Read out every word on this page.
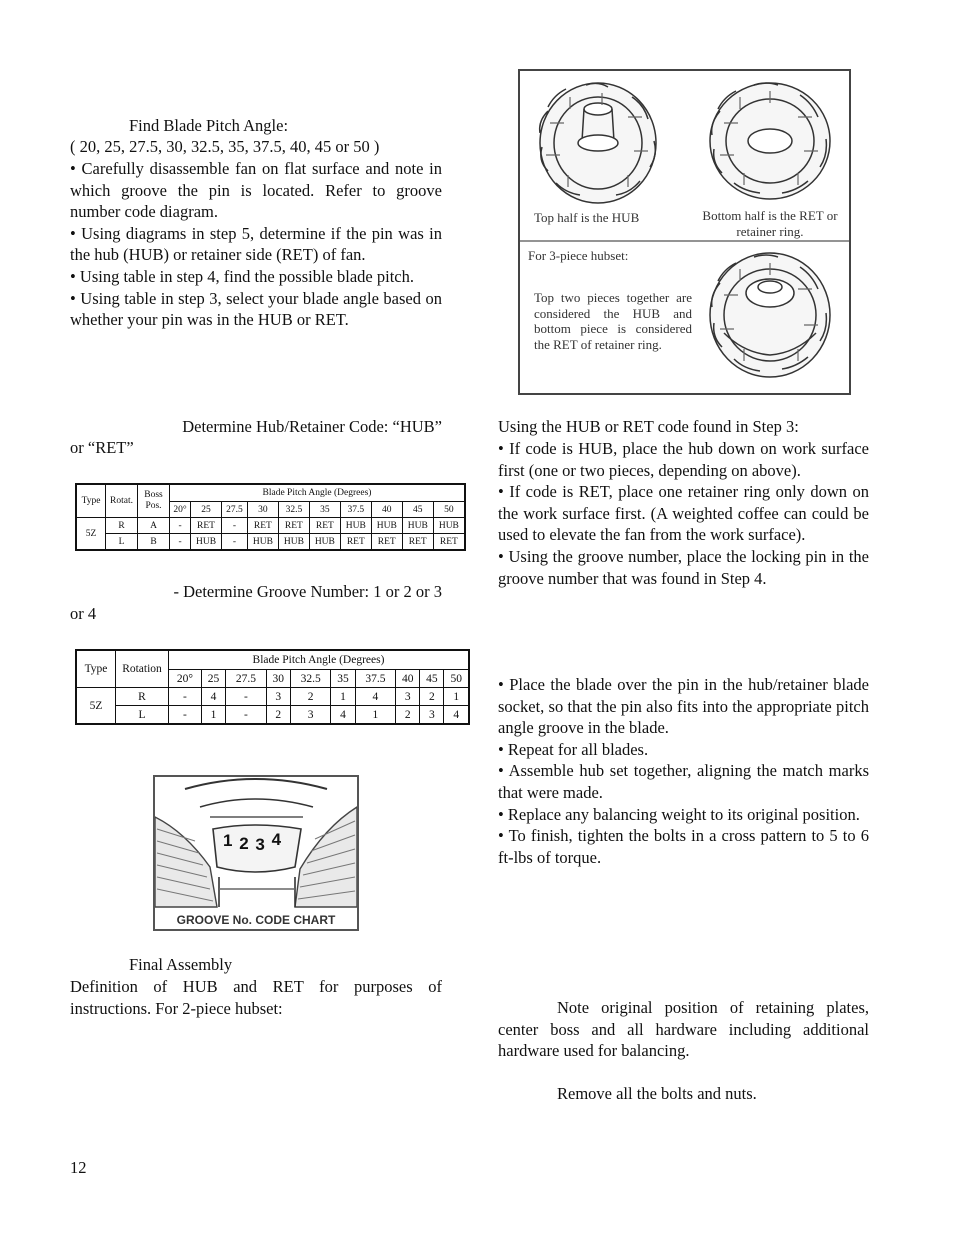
Find Blade Pitch Angle:
( 20, 25, 27.5, 30, 32.5, 35, 37.5, 40, 45 or 50 )

• Carefully disassemble fan on flat surface and note in which groove the pin is located. Refer to groove number code diagram.

• Using diagrams in step 5, determine if the pin was in the hub (HUB) or retainer side (RET) of fan.

• Using table in step 4, find the possible blade pitch.

• Using table in step 3, select your blade angle based on whether your pin was in the HUB or RET.

Determine Hub/Retainer Code: “HUB”
or “RET”
Type	Rotat.	Boss Pos.	Blade Pitch Angle (Degrees)									
			20°	25	27.5	30	32.5	35	37.5	40	45	50
5Z	R	A	-	RET	-	RET	RET	RET	HUB	HUB	HUB	HUB
	L	B	-	HUB	-	HUB	HUB	HUB	RET	RET	RET	RET
- Determine Groove Number: 1 or 2 or 3
or 4
Type	Rotation	Blade Pitch Angle (Degrees)									
		20°	25	27.5	30	32.5	35	37.5	40	45	50
5Z	R	-	4	-	3	2	1	4	3	2	1
	L	-	1	-	2	3	4	1	2	3	4
1 2 3 4
GROOVE No. CODE CHART
Final Assembly
Definition of HUB and RET for purposes of instructions. For 2-piece hubset:
12
Top half is the HUB	Bottom half is the RET or retainer ring.
For 3-piece hubset:
Top two pieces together are considered the HUB and bottom piece is considered the RET of retainer ring.
Using the HUB or RET code found in Step 3:

• If code is HUB, place the hub down on work surface first (one or two pieces, depending on above).

• If code is RET, place one retainer ring only down on the work surface first. (A weighted coffee can could be used to elevate the fan from the work surface).

• Using the groove number, place the locking pin in the groove number that was found in Step 4.

• Place the blade over the pin in the hub/retainer blade socket, so that the pin also fits into the appropriate pitch angle groove in the blade.

• Repeat for all blades.

• Assemble hub set together, aligning the match marks that were made.

• Replace any balancing weight to its original position.

• To finish, tighten the bolts in a cross pattern to 5 to 6 ft-lbs of torque.

Note original position of retaining plates, center boss and all hardware including additional hardware used for balancing.
Remove all the bolts and nuts.
